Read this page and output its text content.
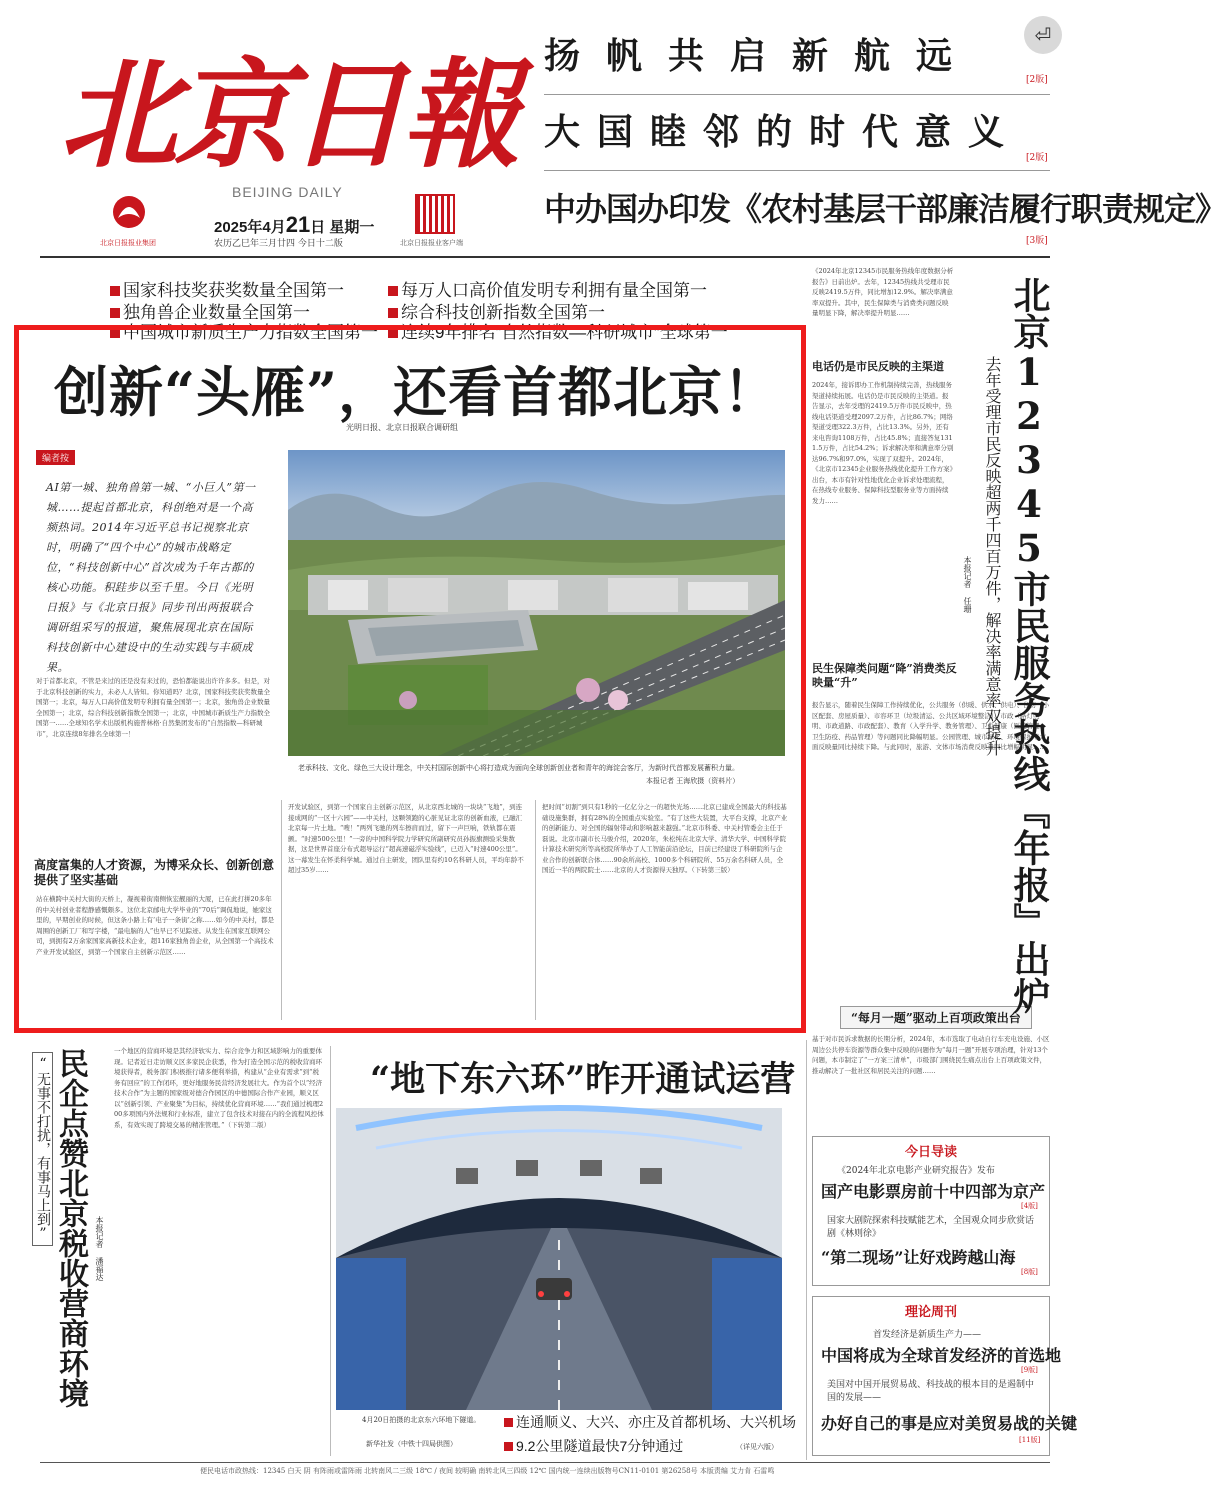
北京日報
BEIJING DAILY
北京日报报业集团
2025年4月21日 星期一
农历乙巳年三月廿四 今日十二版	北京日报报业客户端
扬帆共启新航远
[2版]
大国睦邻的时代意义
[2版]
中办国办印发《农村基层干部廉洁履行职责规定》
[3版]
⏎
国家科技奖获奖数量全国第一
独角兽企业数量全国第一
每万人口高价值发明专利拥有量全国第一
综合科技创新指数全国第一
中国城市新质生产力指数全国第一	连续9年排名“自然指数—科研城市”全球第一
创新“头雁”，还看首都北京！
光明日报、北京日报联合调研组
编者按
AI第一城、独角兽第一城、“小巨人”第一城……提起首都北京，科创绝对是一个高频热词。2014年习近平总书记视察北京时，明确了“四个中心”的城市战略定位，“科技创新中心”首次成为千年古都的核心功能。积跬步以至千里。今日《光明日报》与《北京日报》同步刊出两报联合调研组采写的报道，聚焦展现北京在国际科技创新中心建设中的生动实践与丰硕成果。
老承科技、文化、绿色三大设计理念，中关村国际创新中心将打造成为面向全球创新创业者和青年的海淀会客厅，为新时代首都发展蓄积力量。
本报记者 王海欣摄（资料片）
对于首都北京，不管是来过的还是没有来过的，恐怕都能说出许许多多。但是，对于北京科技创新的实力，未必人人皆知。你知道吗？北京，国家科技奖获奖数量全国第一；北京，每万人口高价值发明专利拥有量全国第一；北京，独角兽企业数量全国第一；北京，综合科技创新指数全国第一；北京，中国城市新质生产力指数全国第一……全球知名学术出版机构施普林格·自然集团发布的“自然指数—科研城市”，北京连续8年排名全球第一！
高度富集的人才资源，为博采众长、创新创意提供了坚实基础
站在横跨中关村大街的天桥上，凝视着街南侧恢宏靓丽的大厦，已在此打拼20多年的中关村创业者程静感慨颇多。这位北京邮电大学毕业的“70后”调侃地说，她家这里的，早期创业的时候，但这条小路上有‘电子一条街’之称……如今的中关村，都是周围的创新工厂和写字楼，“最电脑的人”也早已不见踪迹。从发生在国家互联网公司，到拥有2万余家国家高新技术企业，超116家独角兽企业，从全国第一个高技术产业开发试验区，到第一个国家自主创新示范区……
开发试验区，到第一个国家自主创新示范区，从北京西北城的一块块“飞地”，到连接成网的“一区十六园”——中关村，这颗领跑的心脏见证北京的创新血液，已融汇北京每一片土地。“嗖！”两列飞驰的列车擦肩而过，留下一声巨响，铁轨都在震颤。“时速500公里！”一旁的中国科学院力学研究所副研究员孙振旗测验采集数据，这是世界首座分布式超导运行“超高速磁浮实验线”，已迈入“时速400公里”。这一幕发生在怀柔科学城。通过自主研发，团队里有约10名科研人员，平均年龄不超过35岁……
把时间“切割”到只有1秒的一亿亿分之一的超快光场……北京已建成全国最大的科技基础设施集群，拥有28%的全国重点实验室。“有了这些大装置，大平台支撑，北京产业的创新能力、对全国的辐射带动和影响越来越强。”北京市科委、中关村管委会主任于磊说。北京市副市长马骏介绍，2020年，朱松纯在北京大学、清华大学、中国科学院计算技术研究所等高校院所举办了人工智能前沿论坛，目前已经建设了科研院所与企业合作的创新联合体……90余所高校、1000多个科研院所、55万余名科研人员，全国近一半的两院院士……北京的人才资源得天独厚。（下转第三版）
《2024年北京12345市民服务热线年度数据分析报告》日前出炉。去年，12345热线共受理市民反映2419.5万件，同比增加12.9%。解决率满意率双提升。其中，民生保障类与消费类问题反映量明显下降，解决率提升明显……
电话仍是市民反映的主渠道
2024年，接诉即办工作机制持续完善，热线服务渠道持续拓展。电话仍是市民反映的主渠道。报告显示，去年受理的2419.5万件市民反映中，热线电话渠道受理2097.2万件，占比86.7%；网络渠道受理322.3万件，占比13.3%。另外，还有来电咨询1108万件，占比45.8%；直接答复1311.5万件，占比54.2%；诉求解决率和满意率分别达96.7%和97.0%，实现了双提升。2024年，《北京市12345企业服务热线优化提升工作方案》出台，本市有针对性地优化企业诉求处理流程，在热线专业服务、保障科技型服务业等方面持续发力……
民生保障类问题“降”消费类反映量“升”
报告显示，随着民生保障工作持续优化，公共服务（供暖、供水、供电）、住房（小区配套、房屋质量）、市容环卫（垃圾清运、公共区域环境整洁）、市政（路灯照明、市政道路、市政配套）、教育（入学升学、教务管理）、卫生健康（医院管理、卫生防疫、药品管理）等问题同比降幅明显。公园管理、城市绿化、环境保护等方面反映量同比持续下降。与此同时，旅游、文体市场消费反映量同比增幅明显……
“每月一题”驱动上百项政策出台
基于对市民诉求数据的长期分析，2024年，本市选取了电动自行车充电设施、小区周边公共停车资源等群众集中反映的问题作为“每月一题”开展专项治理，针对13个问题，本市制定了“一方案三清单”，市级部门围绕民生痛点出台上百项政策文件，推动解决了一批社区和居民关注的问题……
北京12345市民服务热线『年报』出炉
去年受理市民反映超两千四百万件，解决率满意率双提升
本报记者 任珊
“无事不打扰，有事马上到” 民企点赞北京税收营商环境 本报记者 潘福达
一个地区的营商环境是其经济软实力、综合竞争力和区域影响力的重要体现。记者近日走访顺义区多家民企获悉，作为打造全国示范的税收营商环境获得者，税务部门积极推行诸多便利举措，构建从“企业有需求”到“税务有回应”的工作闭环，更好地服务民营经济发展壮大。作为首个以“经济技术合作”为主题的国家级对德合作园区的中德国际合作产业园，顺义区以“创新引领、产业聚集”为目标，持续优化营商环境……“我们通过梳理200多项国内外法规和行业标准，建立了包含技术对接在内的全流程风控体系，有效实现了跨境交易的精准管理。”（下转第二版）
“地下东六环”昨开通试运营
4月20日拍摄的北京东六环地下隧道。
新华社发（中铁十四局供图）
连通顺义、大兴、亦庄及首都机场、大兴机场
9.2公里隧道最快7分钟通过	（详见六版）
今日导读
《2024年北京电影产业研究报告》发布
国产电影票房前十中四部为京产
[4版]
国家大剧院探索科技赋能艺术，全国观众同步欣赏话剧《林则徐》
“第二现场”让好戏跨越山海
[8版]
理论周刊
首发经济是新质生产力——
中国将成为全球首发经济的首选地
[9版]
美国对中国开展贸易战、科技战的根本目的是遏制中国的发展——
办好自己的事是应对美贸易战的关键
[11版]
便民电话市政热线：12345 白天 阴 有阵雨或雷阵雨 北转南风二三级 18℃ / 夜间 较明确 南转北风三四级 12℃ 国内统一连续出版物号CN11-0101 第26258号 本版责编 艾力肯 石雷鸣
